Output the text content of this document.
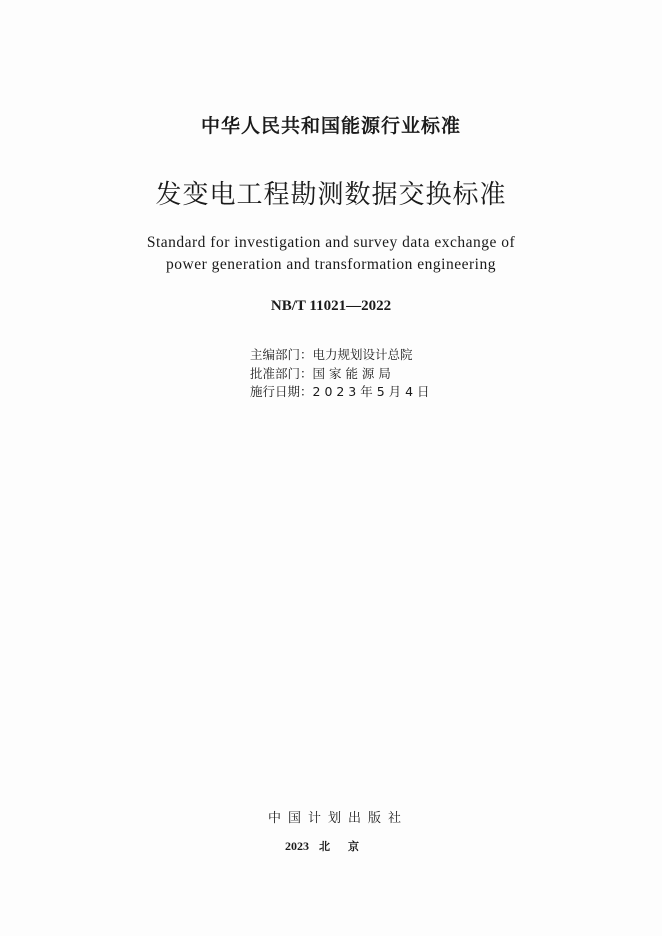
中华人民共和国能源行业标准
发变电工程勘测数据交换标准
Standard for investigation and survey data exchange of
power generation and transformation engineering
NB/T 11021—2022
主编部门：电力规划设计总院
批准部门：国 家 能 源 局
施行日期：2 0 2 3 年 5 月 4 日
中国计划出版社
2023 北京
